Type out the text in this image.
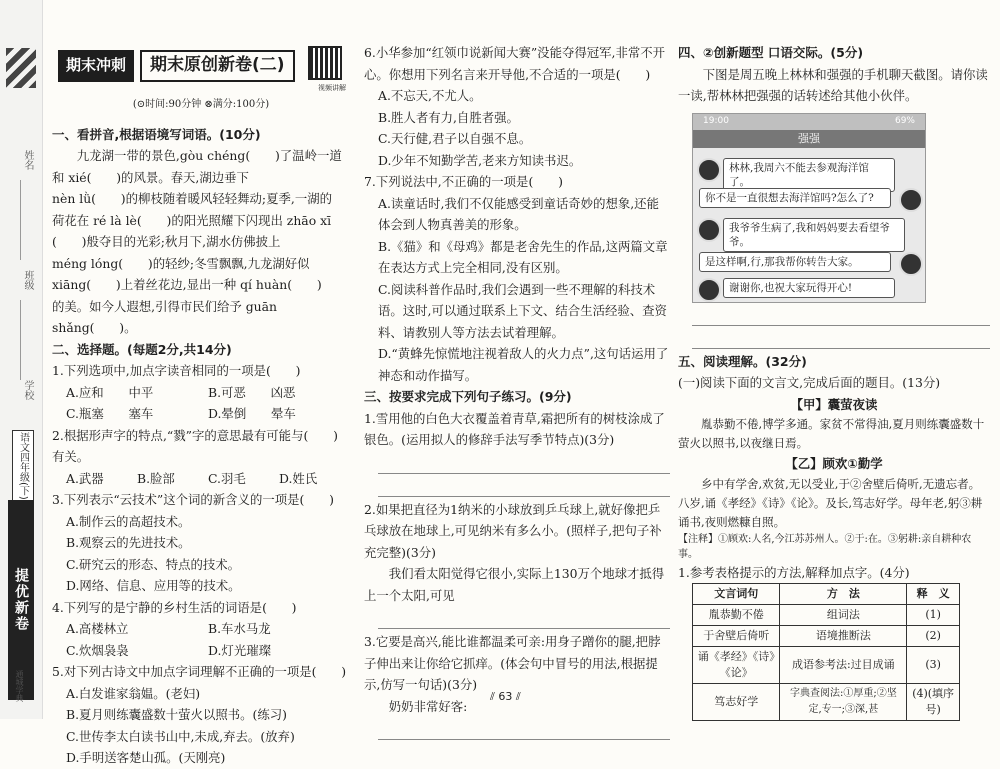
姓名
班级
学校
语文
四年级(下)
提优新卷
通城学典
期末冲刺	期末原创新卷(二)
视频讲解
(⊙时间:90分钟 ⊗满分:100分)
一、看拼音,根据语境写词语。(10分)
九龙湖一带的景色,gòu chéng(　　)了温岭一道和 xié(　　)的风景。春天,湖边垂下
nèn lǜ(　　)的柳枝随着暖风轻轻舞动;夏季,一湖的
荷花在 ré là lè(　　)的阳光照耀下闪现出 zhāo xī
(　　)般夺目的光彩;秋月下,湖水仿佛披上
méng lóng(　　)的轻纱;冬雪飘飘,九龙湖好似
xiāng(　　)上着丝花边,显出一种 qí huàn(　　)
的美。如今人遐想,引得市民们给予 guān shǎng(　　)。
二、选择题。(每题2分,共14分)
1.下列选项中,加点字读音相同的一项是(　　)
A.应和　　中平	B.可恶　　凶恶
C.瓶塞　　塞车	D.晕倒　　晕车
2.根据形声字的特点,“戮”字的意思最有可能与(　　)有关。
A.武器	B.脸部	C.羽毛	D.姓氏
3.下列表示“云技术”这个词的新含义的一项是(　　)
A.制作云的高超技术。
B.观察云的先进技术。
C.研究云的形态、特点的技术。
D.网络、信息、应用等的技术。
4.下列写的是宁静的乡村生活的词语是(　　)
A.高楼林立	B.车水马龙
C.炊烟袅袅	D.灯光璀璨
5.对下列古诗文中加点字词理解不正确的一项是(　　)
A.白发谁家翁媪。(老妇)
B.夏月则练囊盛数十萤火以照书。(练习)
C.世传李太白读书山中,未成,弃去。(放弃)
D.手明送客楚山孤。(天刚亮)
6.小华参加“红领巾说新闻大赛”没能夺得冠军,非常不开心。你想用下列名言来开导他,不合适的一项是(　　)
A.不忘天,不尤人。
B.胜人者有力,自胜者强。
C.天行健,君子以自强不息。
D.少年不知勤学苦,老来方知读书迟。
7.下列说法中,不正确的一项是(　　)
A.读童话时,我们不仅能感受到童话奇妙的想象,还能体会到人物真善美的形象。
B.《猫》和《母鸡》都是老舍先生的作品,这两篇文章在表达方式上完全相同,没有区别。
C.阅读科普作品时,我们会遇到一些不理解的科技术语。这时,可以通过联系上下文、结合生活经验、查资料、请教别人等方法去试着理解。
D.“黄蜂先惊慌地注视着敌人的火力点”,这句话运用了神态和动作描写。
三、按要求完成下列句子练习。(9分)
1.雪用他的白色大衣覆盖着青草,霜把所有的树枝涂成了银色。(运用拟人的修辞手法写季节特点)(3分)
2.如果把直径为1纳米的小球放到乒乓球上,就好像把乒乓球放在地球上,可见纳米有多么小。(照样子,把句子补充完整)(3分)
我们看太阳觉得它很小,实际上130万个地球才抵得上一个太阳,可见
3.它要是高兴,能比谁都温柔可亲:用身子蹭你的腿,把脖子伸出来让你给它抓痒。(体会句中冒号的用法,根据提示,仿写一句话)(3分)
奶奶非常好客:
四、②创新题型 口语交际。(5分)
下图是周五晚上林林和强强的手机聊天截图。请你读一读,帮林林把强强的话转述给其他小伙伴。
19:00	69%
强强
林林,我周六不能去参观海洋馆了。
你不是一直很想去海洋馆吗?怎么了?
我爷爷生病了,我和妈妈要去看望爷爷。
是这样啊,行,那我帮你转告大家。
谢谢你,也祝大家玩得开心!
五、阅读理解。(32分)
(一)阅读下面的文言文,完成后面的题目。(13分)
【甲】囊萤夜读
胤恭勤不倦,博学多通。家贫不常得油,夏月则练囊盛数十萤火以照书,以夜继日焉。
【乙】顾欢①勤学
乡中有学舍,欢贫,无以受业,于②舍壁后倚听,无遗忘者。八岁,诵《孝经》《诗》《论》。及长,笃志好学。母年老,躬③耕诵书,夜则燃糠自照。
【注释】①顾欢:人名,今江苏苏州人。②于:在。③躬耕:亲自耕种农事。
1.参考表格提示的方法,解释加点字。(4分)
文言词句	方　法	释　义
胤恭勤不倦	组词法	(1)
于舍壁后倚听	语境推断法	(2)
诵《孝经》《诗》《论》	成语参考法:过目成诵	(3)
笃志好学	字典查阅法:①厚重;②坚定,专一;③深,甚	(4)(填序号)
⫽ 63 ⫽
